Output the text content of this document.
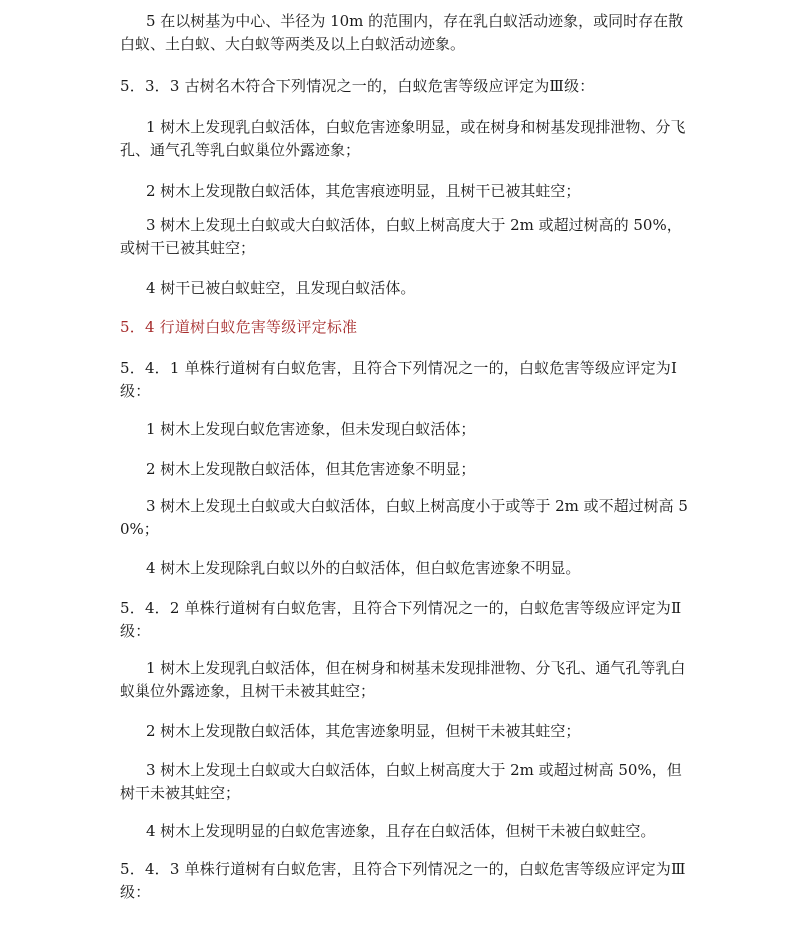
5 在以树基为中心、半径为 10m 的范围内，存在乳白蚁活动迹象，或同时存在散白蚁、土白蚁、大白蚁等两类及以上白蚁活动迹象。

5．3．3 古树名木符合下列情况之一的，白蚁危害等级应评定为Ⅲ级：

1 树木上发现乳白蚁活体，白蚁危害迹象明显，或在树身和树基发现排泄物、分飞孔、通气孔等乳白蚁巢位外露迹象；

2 树木上发现散白蚁活体，其危害痕迹明显，且树干已被其蛀空；

3 树木上发现土白蚁或大白蚁活体，白蚁上树高度大于 2m 或超过树高的 50%，或树干已被其蛀空；

4 树干已被白蚁蛀空，且发现白蚁活体。

5．4 行道树白蚁危害等级评定标准

5．4．1 单株行道树有白蚁危害，且符合下列情况之一的，白蚁危害等级应评定为Ⅰ级：

1 树木上发现白蚁危害迹象，但未发现白蚁活体；

2 树木上发现散白蚁活体，但其危害迹象不明显；

3 树木上发现土白蚁或大白蚁活体，白蚁上树高度小于或等于 2m 或不超过树高 50%；

4 树木上发现除乳白蚁以外的白蚁活体，但白蚁危害迹象不明显。

5．4．2 单株行道树有白蚁危害，且符合下列情况之一的，白蚁危害等级应评定为Ⅱ级：

1 树木上发现乳白蚁活体，但在树身和树基未发现排泄物、分飞孔、通气孔等乳白蚁巢位外露迹象，且树干未被其蛀空；

2 树木上发现散白蚁活体，其危害迹象明显，但树干未被其蛀空；

3 树木上发现土白蚁或大白蚁活体，白蚁上树高度大于 2m 或超过树高 50%，但树干未被其蛀空；

4 树木上发现明显的白蚁危害迹象，且存在白蚁活体，但树干未被白蚁蛀空。

5．4．3 单株行道树有白蚁危害，且符合下列情况之一的，白蚁危害等级应评定为Ⅲ级：
